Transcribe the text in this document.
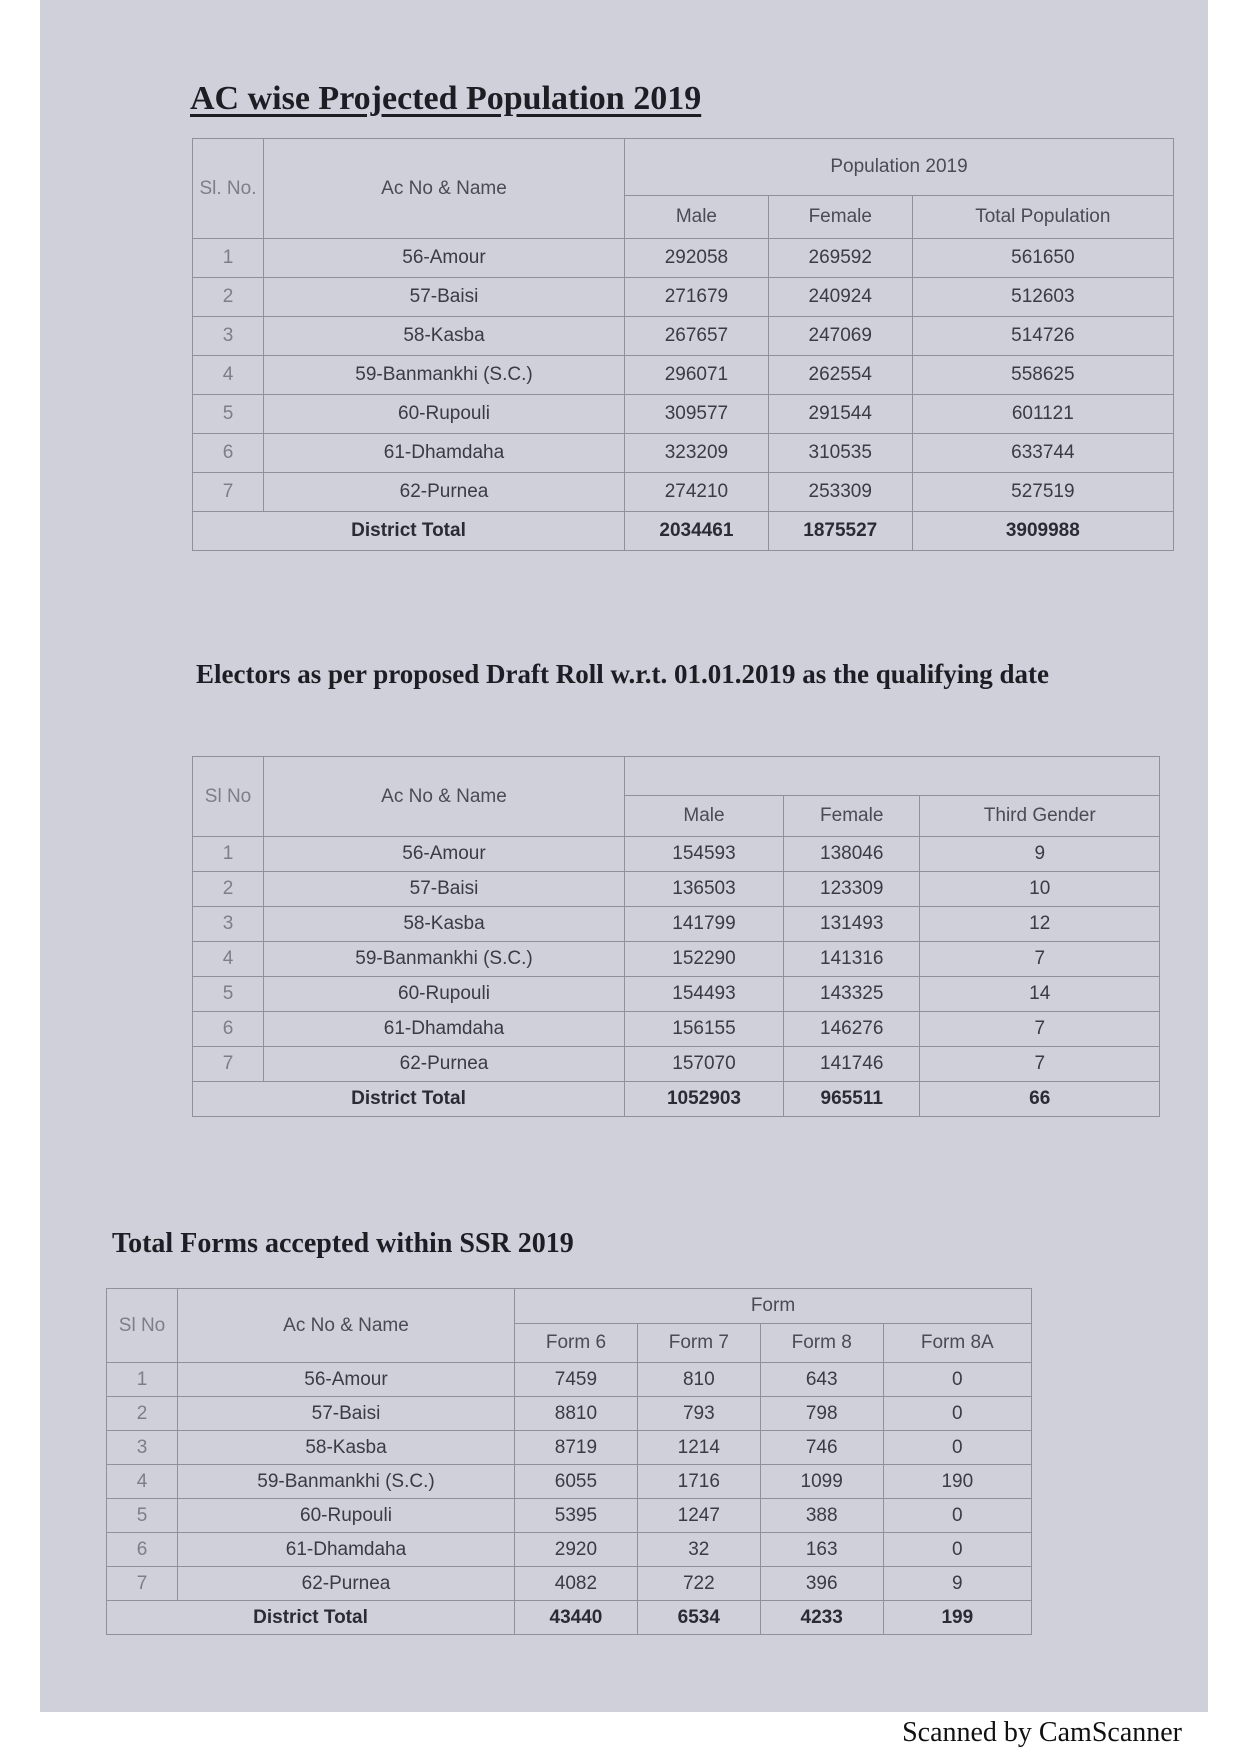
AC wise Projected Population 2019
Sl. No.	Ac No & Name	Population 2019		
		Male	Female	Total Population
1	56-Amour	292058	269592	561650
2	57-Baisi	271679	240924	512603
3	58-Kasba	267657	247069	514726
4	59-Banmankhi (S.C.)	296071	262554	558625
5	60-Rupouli	309577	291544	601121
6	61-Dhamdaha	323209	310535	633744
7	62-Purnea	274210	253309	527519
District Total		2034461	1875527	3909988
Electors as per proposed Draft Roll w.r.t. 01.01.2019 as the qualifying date
Sl No	Ac No & Name			
		Male	Female	Third Gender
1	56-Amour	154593	138046	9
2	57-Baisi	136503	123309	10
3	58-Kasba	141799	131493	12
4	59-Banmankhi (S.C.)	152290	141316	7
5	60-Rupouli	154493	143325	14
6	61-Dhamdaha	156155	146276	7
7	62-Purnea	157070	141746	7
District Total		1052903	965511	66
Total Forms accepted within SSR 2019
Sl No	Ac No & Name	Form			
		Form 6	Form 7	Form 8	Form 8A
1	56-Amour	7459	810	643	0
2	57-Baisi	8810	793	798	0
3	58-Kasba	8719	1214	746	0
4	59-Banmankhi (S.C.)	6055	1716	1099	190
5	60-Rupouli	5395	1247	388	0
6	61-Dhamdaha	2920	32	163	0
7	62-Purnea	4082	722	396	9
District Total		43440	6534	4233	199
Scanned by CamScanner
